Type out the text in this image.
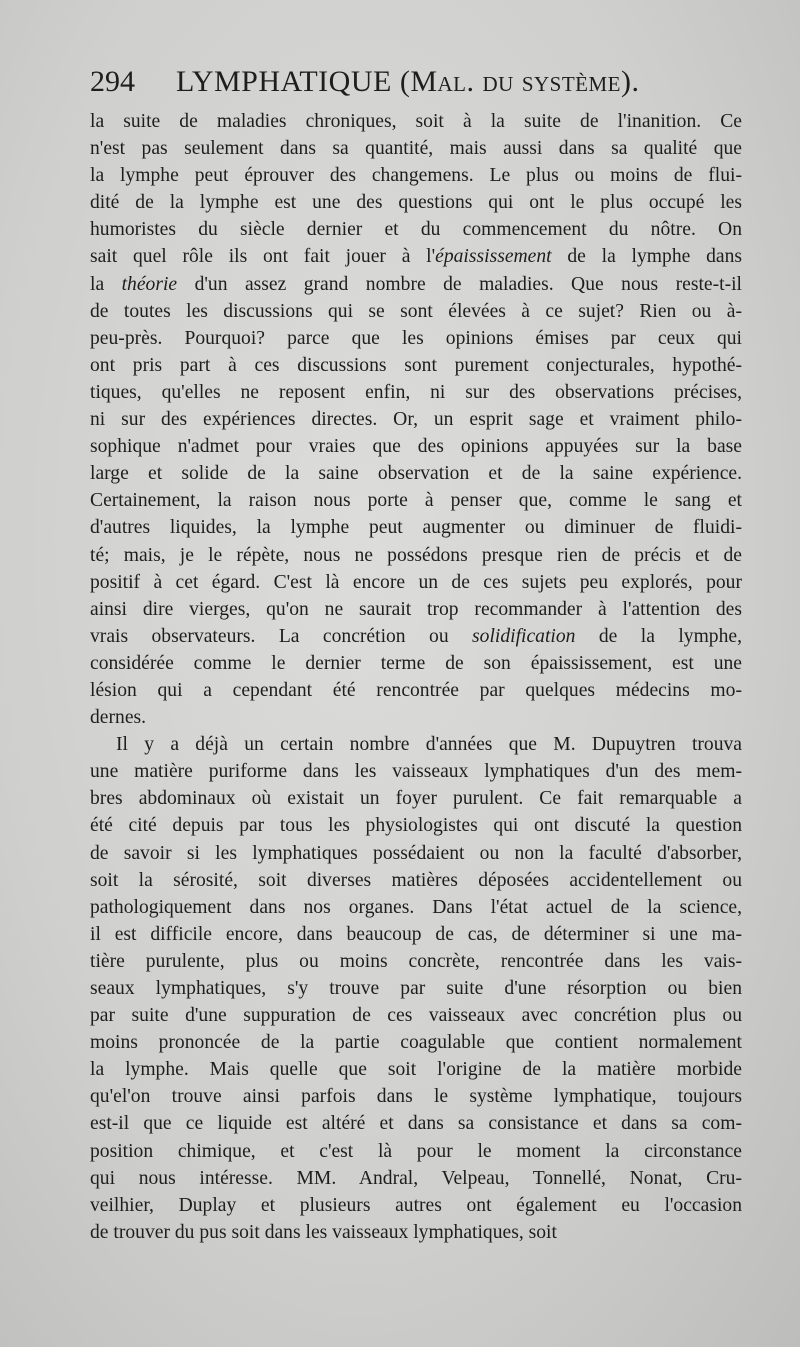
294 LYMPHATIQUE (Mal. du système).
la suite de maladies chroniques, soit à la suite de l'inanition. Ce
n'est pas seulement dans sa quantité, mais aussi dans sa qualité que
la lymphe peut éprouver des changemens. Le plus ou moins de flui-
dité de la lymphe est une des questions qui ont le plus occupé les
humoristes du siècle dernier et du commencement du nôtre. On
sait quel rôle ils ont fait jouer à l'épaississement de la lymphe dans
la théorie d'un assez grand nombre de maladies. Que nous reste-t-il
de toutes les discussions qui se sont élevées à ce sujet? Rien ou à-
peu-près. Pourquoi? parce que les opinions émises par ceux qui
ont pris part à ces discussions sont purement conjecturales, hypothé-
tiques, qu'elles ne reposent enfin, ni sur des observations précises,
ni sur des expériences directes. Or, un esprit sage et vraiment philo-
sophique n'admet pour vraies que des opinions appuyées sur la base
large et solide de la saine observation et de la saine expérience.
Certainement, la raison nous porte à penser que, comme le sang et
d'autres liquides, la lymphe peut augmenter ou diminuer de fluidi-
té; mais, je le répète, nous ne possédons presque rien de précis et de
positif à cet égard. C'est là encore un de ces sujets peu explorés, pour
ainsi dire vierges, qu'on ne saurait trop recommander à l'attention des
vrais observateurs. La concrétion ou solidification de la lymphe,
considérée comme le dernier terme de son épaississement, est une
lésion qui a cependant été rencontrée par quelques médecins mo-
dernes.
Il y a déjà un certain nombre d'années que M. Dupuytren trouva
une matière puriforme dans les vaisseaux lymphatiques d'un des mem-
bres abdominaux où existait un foyer purulent. Ce fait remarquable a
été cité depuis par tous les physiologistes qui ont discuté la question
de savoir si les lymphatiques possédaient ou non la faculté d'absorber,
soit la sérosité, soit diverses matières déposées accidentellement ou
pathologiquement dans nos organes. Dans l'état actuel de la science,
il est difficile encore, dans beaucoup de cas, de déterminer si une ma-
tière purulente, plus ou moins concrète, rencontrée dans les vais-
seaux lymphatiques, s'y trouve par suite d'une résorption ou bien
par suite d'une suppuration de ces vaisseaux avec concrétion plus ou
moins prononcée de la partie coagulable que contient normalement
la lymphe. Mais quelle que soit l'origine de la matière morbide
qu'el'on trouve ainsi parfois dans le système lymphatique, toujours
est-il que ce liquide est altéré et dans sa consistance et dans sa com-
position chimique, et c'est là pour le moment la circonstance
qui nous intéresse. MM. Andral, Velpeau, Tonnellé, Nonat, Cru-
veilhier, Duplay et plusieurs autres ont également eu l'occasion
de trouver du pus soit dans les vaisseaux lymphatiques, soit
